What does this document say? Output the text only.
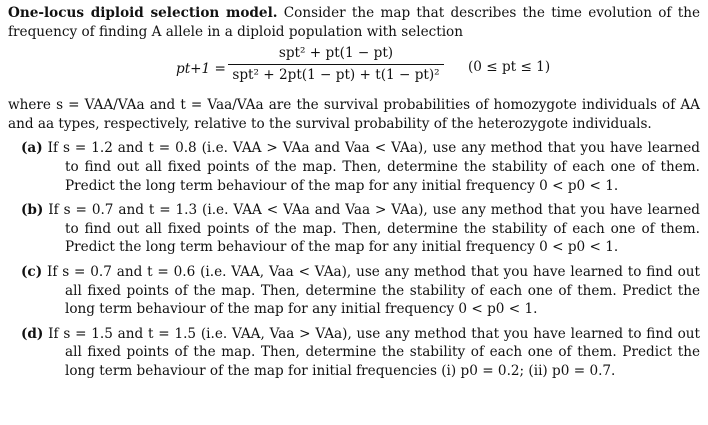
One-locus diploid selection model. Consider the map that describes the time evolution of the frequency of finding A allele in a diploid population with selection

pt+1 =
spt² + pt(1 − pt)
spt² + 2pt(1 − pt) + t(1 − pt)²	(0 ≤ pt ≤ 1)

where s = VAA/VAa and t = Vaa/VAa are the survival probabilities of homozygote individuals of AA and aa types, respectively, relative to the survival probability of the heterozygote individuals.

(a) If s = 1.2 and t = 0.8 (i.e. VAA > VAa and Vaa < VAa), use any method that you have learned to find out all fixed points of the map. Then, determine the stability of each one of them. Predict the long term behaviour of the map for any initial frequency 0 < p0 < 1.

(b) If s = 0.7 and t = 1.3 (i.e. VAA < VAa and Vaa > VAa), use any method that you have learned to find out all fixed points of the map. Then, determine the stability of each one of them. Predict the long term behaviour of the map for any initial frequency 0 < p0 < 1.

(c) If s = 0.7 and t = 0.6 (i.e. VAA, Vaa < VAa), use any method that you have learned to find out all fixed points of the map. Then, determine the stability of each one of them. Predict the long term behaviour of the map for any initial frequency 0 < p0 < 1.

(d) If s = 1.5 and t = 1.5 (i.e. VAA, Vaa > VAa), use any method that you have learned to find out all fixed points of the map. Then, determine the stability of each one of them. Predict the long term behaviour of the map for initial frequencies (i) p0 = 0.2; (ii) p0 = 0.7.
